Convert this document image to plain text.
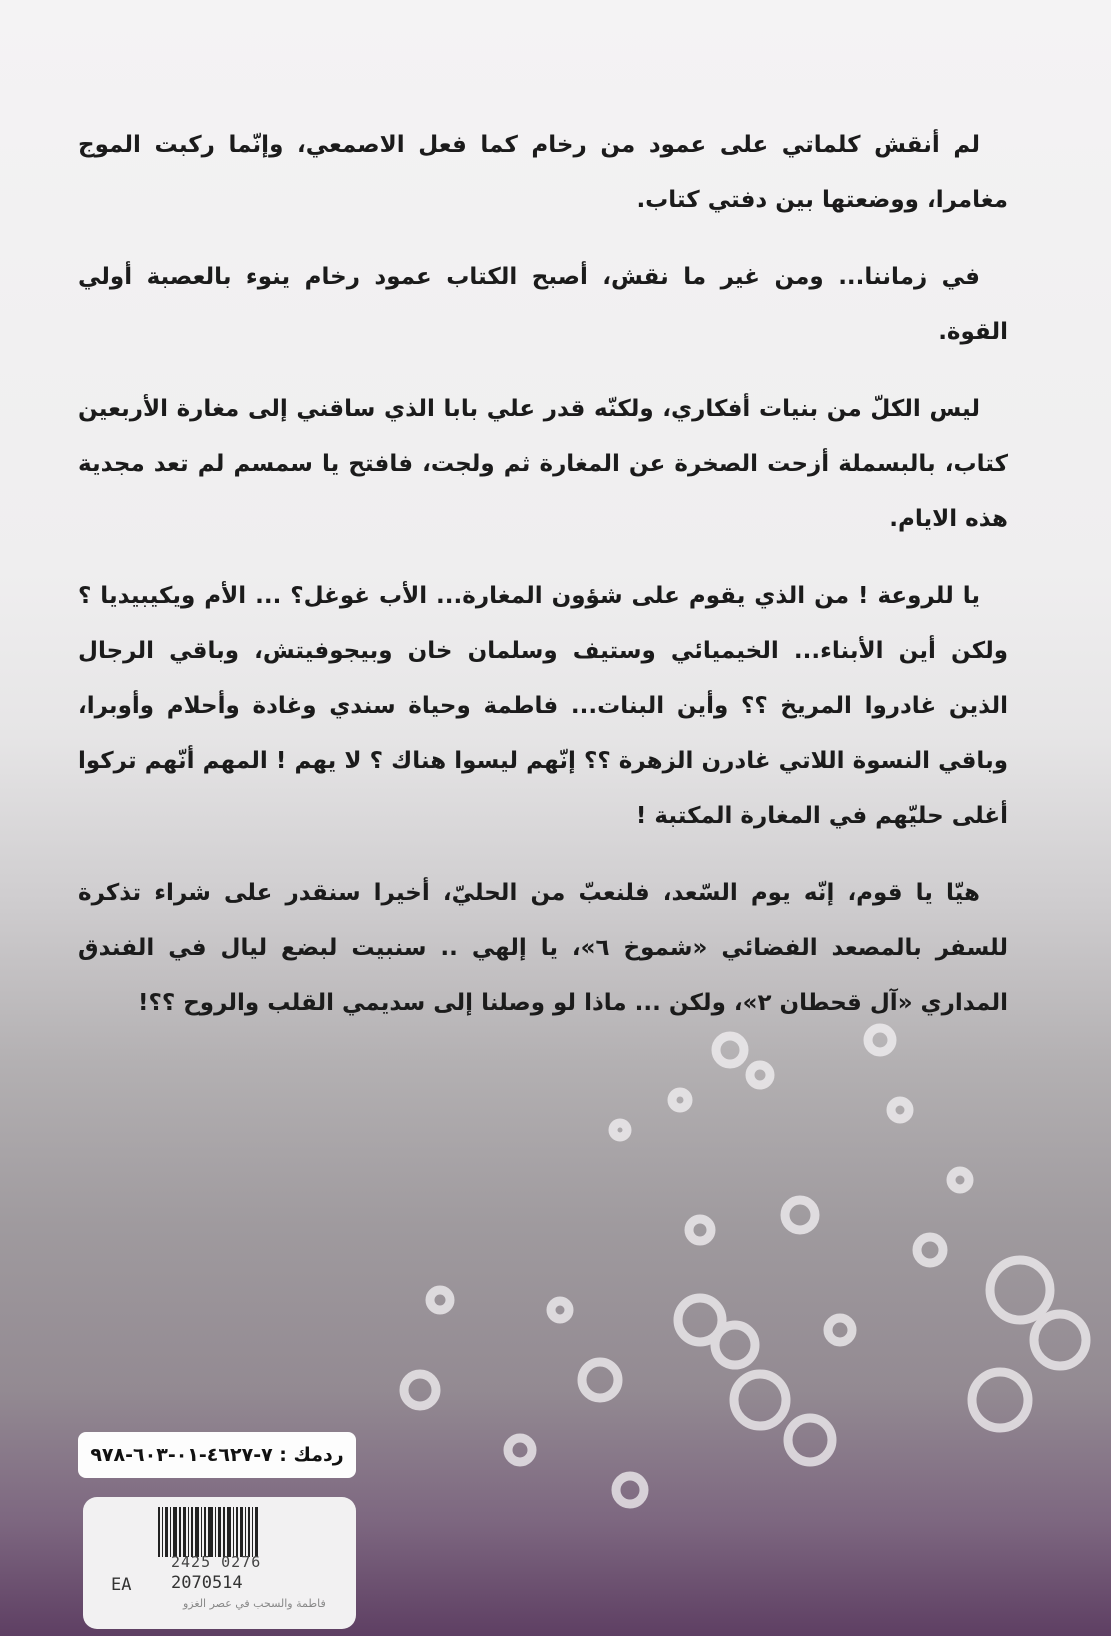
لم أنقش كلماتي على عمود من رخام كما فعل الاصمعي، وإنّما ركبت الموج مغامرا، ووضعتها بين دفتي كتاب.

في زماننا... ومن غير ما نقش، أصبح الكتاب عمود رخام ينوء بالعصبة أولي القوة.

ليس الكلّ من بنيات أفكاري، ولكنّه قدر علي بابا الذي ساقني إلى مغارة الأربعين كتاب، بالبسملة أزحت الصخرة عن المغارة ثم ولجت، فافتح يا سمسم لم تعد مجدية هذه الايام.

يا للروعة ! من الذي يقوم على شؤون المغارة... الأب غوغل؟ ... الأم ويكيبيديا ؟ ولكن أين الأبناء... الخيميائي وستيف وسلمان خان وبيجوفيتش، وباقي الرجال الذين غادروا المريخ ؟؟ وأين البنات... فاطمة وحياة سندي وغادة وأحلام وأوبرا، وباقي النسوة اللاتي غادرن الزهرة ؟؟ إنّهم ليسوا هناك ؟ لا يهم ! المهم أنّهم تركوا أغلى حليّهم في المغارة المكتبة !

هيّا يا قوم، إنّه يوم السّعد، فلنعبّ من الحليّ، أخيرا سنقدر على شراء تذكرة للسفر بالمصعد الفضائي «شموخ ٦»، يا إلهي .. سنبيت لبضع ليال في الفندق المداري «آل قحطان ٢»، ولكن ... ماذا لو وصلنا إلى سديمي القلب والروح ؟؟!

ردمك : ٧-٤٦٢٧-٠١-٦٠٣-٩٧٨
2425 0276
EA 2070514
فاطمة والسحب في عصر الغزو
